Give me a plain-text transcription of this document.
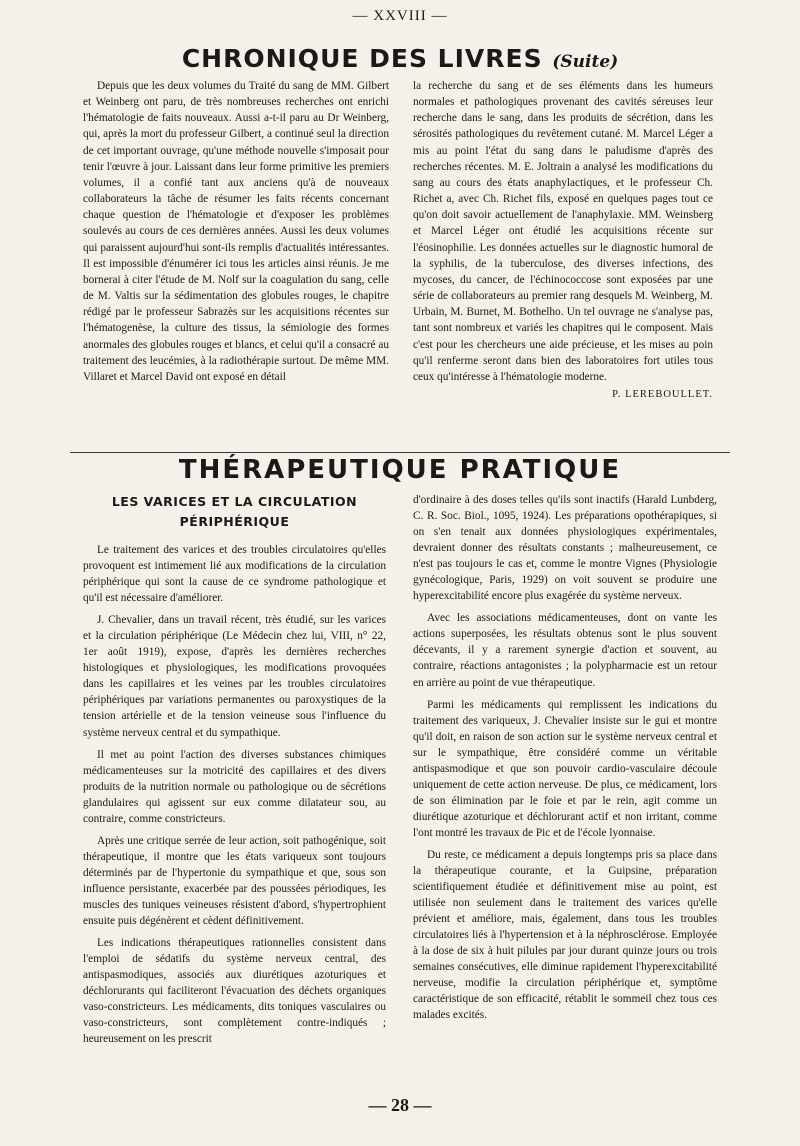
— XXVIII —
CHRONIQUE DES LIVRES (Suite)

Depuis que les deux volumes du Traité du sang de MM. Gilbert et Weinberg ont paru, de très nombreuses recherches ont enrichi l'hématologie de faits nouveaux. Aussi a-t-il paru au Dr Weinberg, qui, après la mort du professeur Gilbert, a continué seul la direction de cet important ouvrage, qu'une méthode nouvelle s'imposait pour tenir l'œuvre à jour. Laissant dans leur forme primitive les premiers volumes, il a confié tant aux anciens qu'à de nouveaux collaborateurs la tâche de résumer les faits récents concernant chaque question de l'hématologie et d'exposer les problèmes soulevés au cours de ces dernières années. Aussi les deux volumes qui paraissent aujourd'hui sont-ils remplis d'actualités intéressantes. Il est impossible d'énumérer ici tous les articles ainsi réunis. Je me bornerai à citer l'étude de M. Nolf sur la coagulation du sang, celle de M. Valtis sur la sédimentation des globules rouges, le chapitre rédigé par le professeur Sabrazès sur les acquisitions récentes sur l'hématogenèse, la culture des tissus, la sémiologie des formes anormales des globules rouges et blancs, et celui qu'il a consacré au traitement des leucémies, à la radiothérapie surtout. De même MM. Villaret et Marcel David ont exposé en détail

la recherche du sang et de ses éléments dans les humeurs normales et pathologiques provenant des cavités séreuses leur recherche dans le sang, dans les produits de sécrétion, dans les sérosités pathologiques du revêtement cutané. M. Marcel Léger a mis au point l'état du sang dans le paludisme d'après des recherches récentes. M. E. Joltrain a analysé les modifications du sang au cours des états anaphylactiques, et le professeur Ch. Richet a, avec Ch. Richet fils, exposé en quelques pages tout ce qu'on doit savoir actuellement de l'anaphylaxie. MM. Weinsberg et Marcel Léger ont étudié les acquisitions récente sur l'éosinophilie. Les données actuelles sur le diagnostic humoral de la syphilis, de la tuberculose, des diverses infections, des mycoses, du cancer, de l'échinococcose sont exposées par une série de collaborateurs au premier rang desquels M. Weinberg, M. Urbain, M. Burnet, M. Bothelho. Un tel ouvrage ne s'analyse pas, tant sont nombreux et variés les chapitres qui le composent. Mais c'est pour les chercheurs une aide précieuse, et les mises au poin qu'il renferme seront dans bien des laboratoires fort utiles tous ceux qu'intéresse à l'hématologie moderne.

P. LEREBOULLET.

THÉRAPEUTIQUE PRATIQUE
LES VARICES ET LA CIRCULATION
PÉRIPHÉRIQUE

Le traitement des varices et des troubles circulatoires qu'elles provoquent est intimement lié aux modifications de la circulation périphérique qui sont la cause de ce syndrome pathologique et qu'il est nécessaire d'améliorer.

J. Chevalier, dans un travail récent, très étudié, sur les varices et la circulation périphérique (Le Médecin chez lui, VIII, n° 22, 1er août 1919), expose, d'après les dernières recherches histologiques et physiologiques, les modifications provoquées dans les capillaires et les veines par les troubles circulatoires périphériques par variations permanentes ou paroxystiques de la tension artérielle et de la tension veineuse sous l'influence du système nerveux central et du sympathique.

Il met au point l'action des diverses substances chimiques médicamenteuses sur la motricité des capillaires et des divers produits de la nutrition normale ou pathologique ou de sécrétions glandulaires qui agissent sur eux comme dilatateur sou, au contraire, comme constricteurs.

Après une critique serrée de leur action, soit pathogénique, soit thérapeutique, il montre que les états variqueux sont toujours déterminés par de l'hypertonie du sympathique et que, sous son influence persistante, exacerbée par des poussées périodiques, les muscles des tuniques veineuses résistent d'abord, s'hypertrophient ensuite puis dégénèrent et cèdent définitivement.

Les indications thérapeutiques rationnelles consistent dans l'emploi de sédatifs du système nerveux central, des antispasmodiques, associés aux diurétiques azoturiques et déchlorurants qui faciliteront l'évacuation des déchets organiques vaso-constricteurs. Les médicaments, dits toniques vasculaires ou vaso-constricteurs, sont complètement contre-indiqués ; heureusement on les prescrit

d'ordinaire à des doses telles qu'ils sont inactifs (Harald Lunbderg, C. R. Soc. Biol., 1095, 1924). Les préparations opothérapiques, si on s'en tenait aux données physiologiques expérimentales, devraient donner des résultats constants ; malheureusement, ce n'est pas toujours le cas et, comme le montre Vignes (Physiologie gynécologique, Paris, 1929) on voit souvent se produire une hyperexcitabilité encore plus exagérée du système nerveux.

Avec les associations médicamenteuses, dont on vante les actions superposées, les résultats obtenus sont le plus souvent décevants, il y a rarement synergie d'action et souvent, au contraire, réactions antagonistes ; la polypharmacie est un retour en arrière au point de vue thérapeutique.

Parmi les médicaments qui remplissent les indications du traitement des variqueux, J. Chevalier insiste sur le gui et montre qu'il doit, en raison de son action sur le système nerveux central et sur le sympathique, être considéré comme un véritable antispasmodique et que son pouvoir cardio-vasculaire découle uniquement de cette action nerveuse. De plus, ce médicament, lors de son élimination par le foie et par le rein, agit comme un diurétique azoturique et déchlorurant actif et non irritant, comme l'ont montré les travaux de Pic et de l'école lyonnaise.

Du reste, ce médicament a depuis longtemps pris sa place dans la thérapeutique courante, et la Guipsine, préparation scientifiquement étudiée et définitivement mise au point, est utilisée non seulement dans le traitement des varices qu'elle prévient et améliore, mais, également, dans tous les troubles circulatoires liés à l'hypertension et à la néphrosclérose. Employée à la dose de six à huit pilules par jour durant quinze jours ou trois semaines consécutives, elle diminue rapidement l'hyperexcitabilité nerveuse, modifie la circulation périphérique et, symptôme caractéristique de son efficacité, rétablit le sommeil chez tous ces malades excités.

— 28 —
